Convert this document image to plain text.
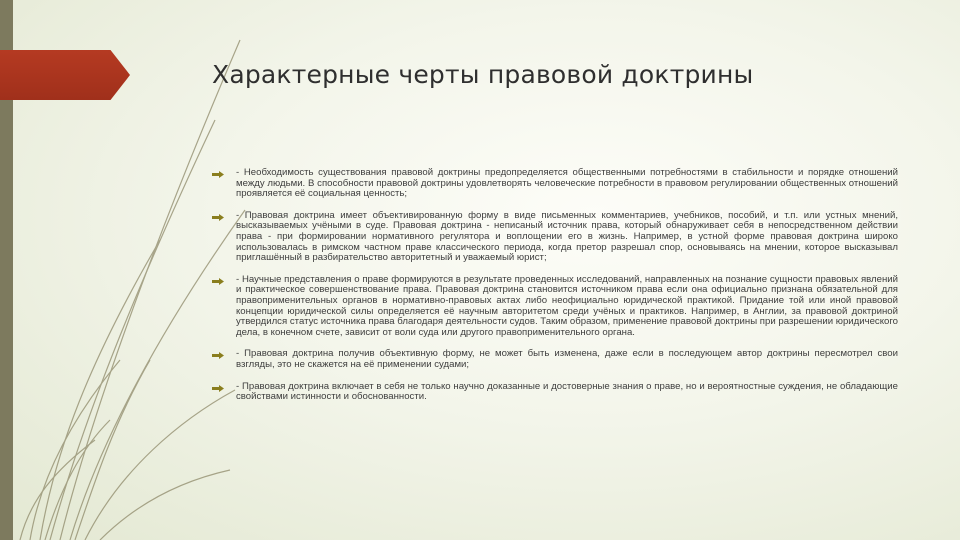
Характерные черты правовой доктрины
- Необходимость существования правовой доктрины предопределяется общественными потребностями в стабильности и порядке отношений между людьми. В способности правовой доктрины удовлетворять человеческие потребности в правовом регулировании общественных отношений проявляется её социальная ценность;
- Правовая доктрина имеет объективированную форму в виде письменных комментариев, учебников, пособий, и т.п. или устных мнений, высказываемых учёными в суде. Правовая доктрина - неписаный источник права, который обнаруживает себя в непосредственном действии права - при формировании нормативного регулятора и воплощении его в жизнь. Например, в устной форме правовая доктрина широко использовалась в римском частном праве классического периода, когда претор разрешал спор, основываясь на мнении, которое высказывал приглашённый в разбирательство авторитетный и уважаемый юрист;
- Научные представления о праве формируются в результате проведенных исследований, направленных на познание сущности правовых явлений и практическое совершенствование права. Правовая доктрина становится источником права если она официально признана обязательной для правоприменительных органов в нормативно-правовых актах либо неофициально юридической практикой. Придание той или иной правовой концепции юридической силы определяется её научным авторитетом среди учёных и практиков. Например, в Англии, за правовой доктриной утвердился статус источника права благодаря деятельности судов. Таким образом, применение правовой доктрины при разрешении юридического дела, в конечном счете, зависит от воли суда или другого правоприменительного органа.
- Правовая доктрина получив объективную форму, не может быть изменена, даже если в последующем автор доктрины пересмотрел свои взгляды, это не скажется на её применении судами;
- Правовая доктрина включает в себя не только научно доказанные и достоверные знания о праве, но и вероятностные суждения, не обладающие свойствами истинности и обоснованности.
